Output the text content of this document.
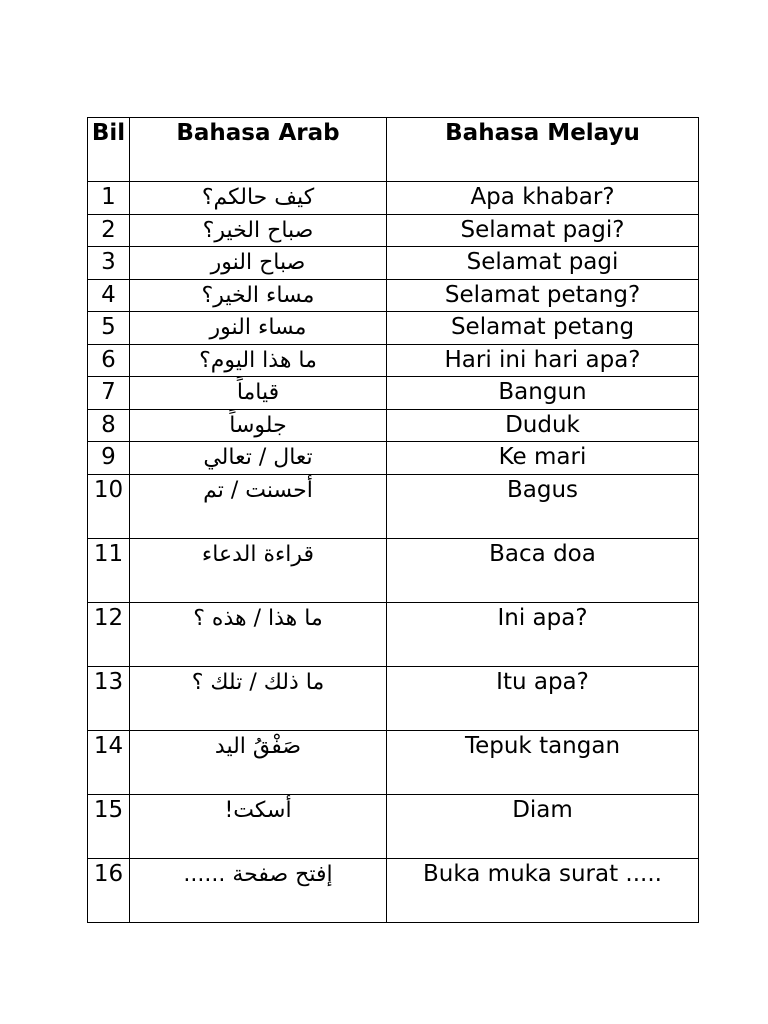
Bil	Bahasa Arab	Bahasa Melayu
1	كيف حالكم؟	Apa khabar?
2	صباح الخير؟	Selamat pagi?
3	صباح النور	Selamat pagi
4	مساء الخير؟	Selamat petang?
5	مساء النور	Selamat petang
6	ما هذا اليوم؟	Hari ini hari apa?
7	قياماً	Bangun
8	جلوساً	Duduk
9	تعال / تعالي	Ke mari
10	أحسنت / تم	Bagus
11	قراءة الدعاء	Baca doa
12	ما هذا / هذه ؟	Ini apa?
13	ما ذلك / تلك ؟	Itu apa?
14	صَفْقُ اليد	Tepuk tangan
15	أسكت!	Diam
16	إفتح صفحة ......	Buka muka surat .....
